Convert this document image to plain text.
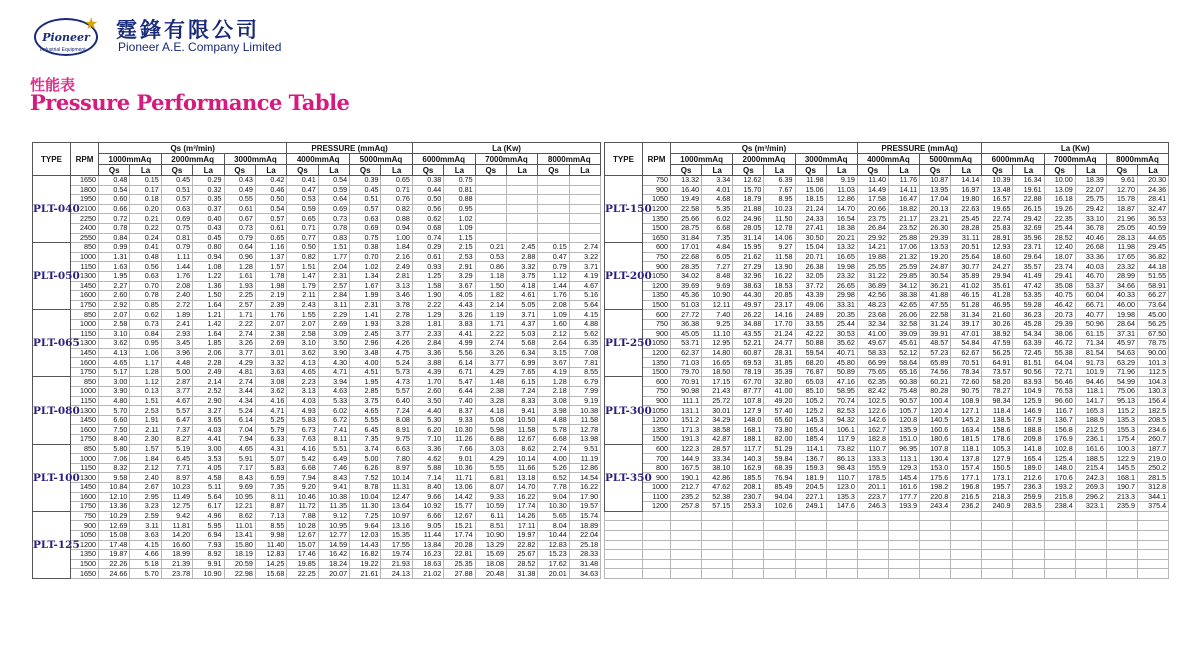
Pioneer
★
Industrial Equipment
霆鋒有限公司
Pioneer A.E. Company Limited
性能表
Pressure Performance Table
TYPE	RPM	Qs (m³/min)						PRESSURE (mmAq)				La (Kw)					
		1000mmAq		2000mmAq		3000mmAq		4000mmAq		5000mmAq		6000mmAq		7000mmAq		8000mmAq	
		Qs	La	Qs	La	Qs	La	Qs	La	Qs	La	Qs	La	Qs	La	Qs	La
PLT-040	1650	0.48	0.15	0.45	0.29	0.43	0.42	0.41	0.54	0.39	0.65	0.38	0.75				
	1800	0.54	0.17	0.51	0.32	0.49	0.46	0.47	0.59	0.45	0.71	0.44	0.81				
	1950	0.60	0.18	0.57	0.35	0.55	0.50	0.53	0.64	0.51	0.76	0.50	0.88				
	2100	0.66	0.20	0.63	0.37	0.61	0.54	0.59	0.69	0.57	0.82	0.56	0.95				
	2250	0.72	0.21	0.69	0.40	0.67	0.57	0.65	0.73	0.63	0.88	0.62	1.02				
	2400	0.78	0.22	0.75	0.43	0.73	0.61	0.71	0.78	0.69	0.94	0.68	1.09				
	2550	0.84	0.24	0.81	0.45	0.79	0.65	0.77	0.83	0.75	1.00	0.74	1.15				
PLT-050	850	0.99	0.41	0.79	0.80	0.64	1.16	0.50	1.51	0.38	1.84	0.29	2.15	0.21	2.45	0.15	2.74
	1000	1.31	0.48	1.11	0.94	0.96	1.37	0.82	1.77	0.70	2.16	0.61	2.53	0.53	2.88	0.47	3.22
	1150	1.63	0.56	1.44	1.08	1.28	1.57	1.51	2.04	1.02	2.49	0.93	2.91	0.86	3.32	0.79	3.71
	1300	1.95	0.63	1.76	1.22	1.61	1.78	1.47	2.31	1.34	2.81	1.25	3.29	1.18	3.75	1.12	4.19
	1450	2.27	0.70	2.08	1.36	1.93	1.98	1.79	2.57	1.67	3.13	1.58	3.67	1.50	4.18	1.44	4.67
	1600	2.60	0.78	2.40	1.50	2.25	2.19	2.11	2.84	1.99	3.46	1.90	4.05	1.82	4.61	1.76	5.16
	1750	2.92	0.85	2.72	1.64	2.57	2.39	2.43	3.11	2.31	3.78	2.22	4.43	2.14	5.05	2.08	5.64
PLT-065	850	2.07	0.62	1.89	1.21	1.71	1.76	1.55	2.29	1.41	2.78	1.29	3.26	1.19	3.71	1.09	4.15
	1000	2.58	0.73	2.41	1.42	2.22	2.07	2.07	2.69	1.93	3.28	1.81	3.83	1.71	4.37	1.60	4.88
	1150	3.10	0.84	2.93	1.64	2.74	2.38	2.58	3.09	2.45	3.77	2.33	4.41	2.22	5.03	2.12	5.62
	1300	3.62	0.95	3.45	1.85	3.26	2.69	3.10	3.50	2.96	4.26	2.84	4.99	2.74	5.68	2.64	6.35
	1450	4.13	1.06	3.96	2.06	3.77	3.01	3.62	3.90	3.48	4.75	3.36	5.56	3.26	6.34	3.15	7.08
	1600	4.65	1.17	4.48	2.28	4.29	3.32	4.13	4.30	4.00	5.24	3.88	6.14	3.77	6.99	3.67	7.81
	1750	5.17	1.28	5.00	2.49	4.81	3.63	4.65	4.71	4.51	5.73	4.39	6.71	4.29	7.65	4.19	8.55
PLT-080	850	3.00	1.12	2.87	2.14	2.74	3.08	2.23	3.94	1.95	4.73	1.70	5.47	1.48	6.15	1.28	6.79
	1000	3.90	0.13	3.77	2.52	3.44	3.62	3.13	4.63	2.85	5.57	2.60	6.44	2.38	7.24	2.18	7.99
	1150	4.80	1.51	4.67	2.90	4.34	4.16	4.03	5.33	3.75	6.40	3.50	7.40	3.28	8.33	3.08	9.19
	1300	5.70	2.53	5.57	3.27	5.24	4.71	4.93	6.02	4.65	7.24	4.40	8.37	4.18	9.41	3.98	10.38
	1450	6.60	1.91	6.47	3.65	6.14	5.25	5.83	6.72	5.55	8.08	5.30	9.33	5.08	10.50	4.88	11.58
	1600	7.50	2.11	7.37	4.03	7.04	5.79	6.73	7.41	6.45	8.91	6.20	10.30	5.98	11.58	5.78	12.78
	1750	8.40	2.30	8.27	4.41	7.94	6.33	7.63	8.11	7.35	9.75	7.10	11.26	6.88	12.67	6.68	13.98
PLT-100	850	5.80	1.57	5.19	3.00	4.65	4.31	4.16	5.51	3.74	6.63	3.36	7.66	3.03	8.62	2.74	9.51
	1000	7.06	1.84	6.45	3.53	5.91	5.07	5.42	6.49	5.00	7.80	4.62	9.01	4.29	10.14	4.00	11.19
	1150	8.32	2.12	7.71	4.05	7.17	5.83	6.68	7.46	6.26	8.97	5.88	10.36	5.55	11.66	5.26	12.86
	1300	9.58	2.40	8.97	4.58	8.43	6.59	7.94	8.43	7.52	10.14	7.14	11.71	6.81	13.18	6.52	14.54
	1450	10.84	2.67	10.23	5.11	9.69	7.35	9.20	9.41	8.78	11.31	8.40	13.06	8.07	14.70	7.78	16.22
	1600	12.10	2.95	11.49	5.64	10.95	8.11	10.46	10.38	10.04	12.47	9.66	14.42	9.33	16.22	9.04	17.90
	1750	13.36	3.23	12.75	6.17	12.21	8.87	11.72	11.35	11.30	13.64	10.92	15.77	10.59	17.74	10.30	19.57
PLT-125	750	10.29	2.59	9.42	4.96	8.62	7.13	7.88	9.12	7.25	10.97	6.66	12.67	6.11	14.26	5.65	15.74
	900	12.69	3.11	11.81	5.95	11.01	8.55	10.28	10.95	9.64	13.16	9.05	15.21	8.51	17.11	8.04	18.89
	1050	15.08	3.63	14.20	6.94	13.41	9.98	12.67	12.77	12.03	15.35	11.44	17.74	10.90	19.97	10.44	22.04
	1200	17.48	4.15	16.60	7.93	15.80	11.40	15.07	14.59	14.43	17.55	13.84	20.28	13.29	22.82	12.83	25.18
	1350	19.87	4.66	18.99	8.92	18.19	12.83	17.46	16.42	16.82	19.74	16.23	22.81	15.69	25.67	15.23	28.33
	1500	22.26	5.18	21.39	9.91	20.59	14.25	19.85	18.24	19.22	21.93	18.63	25.35	18.08	28.52	17.62	31.48
	1650	24.66	5.70	23.78	10.90	22.98	15.68	22.25	20.07	21.61	24.13	21.02	27.88	20.48	31.38	20.01	34.63
TYPE	RPM	Qs (m³/min)						PRESSURE (mmAq)				La (Kw)					
		1000mmAq		2000mmAq		3000mmAq		4000mmAq		5000mmAq		6000mmAq		7000mmAq		8000mmAq	
		Qs	La	Qs	La	Qs	La	Qs	La	Qs	La	Qs	La	Qs	La	Qs	La
PLT-150	750	13.32	3.34	12.62	6.39	11.98	9.19	11.40	11.76	10.87	14.14	10.39	16.34	10.00	18.39	9.61	20.30
	900	16.40	4.01	15.70	7.67	15.06	11.03	14.49	14.11	13.95	16.97	13.48	19.61	13.09	22.07	12.70	24.36
	1050	19.49	4.68	18.79	8.95	18.15	12.86	17.58	16.47	17.04	19.80	16.57	22.88	16.18	25.75	15.78	28.41
	1200	22.58	5.35	21.88	10.23	21.24	14.70	20.66	18.82	20.13	22.63	19.65	26.15	19.26	29.42	18.87	32.47
	1350	25.66	6.02	24.96	11.50	24.33	16.54	23.75	21.17	23.21	25.45	22.74	29.42	22.35	33.10	21.96	36.53
	1500	28.75	6.68	28.05	12.78	27.41	18.38	26.84	23.52	26.30	28.28	25.83	32.69	25.44	36.78	25.05	40.59
	1650	31.84	7.35	31.14	14.06	30.50	20.21	29.92	25.88	29.39	31.11	28.91	35.96	28.52	40.46	28.13	44.65
PLT-200	600	17.01	4.84	15.95	9.27	15.04	13.32	14.21	17.06	13.53	20.51	12.93	23.71	12.40	26.68	11.98	29.45
	750	22.68	6.05	21.62	11.58	20.71	16.65	19.88	21.32	19.20	25.64	18.60	29.64	18.07	33.36	17.65	36.82
	900	28.35	7.27	27.29	13.90	26.38	19.98	25.55	25.59	24.87	30.77	24.27	35.57	23.74	40.03	23.32	44.18
	1050	34.02	8.48	32.96	16.22	32.05	23.32	31.22	29.85	30.54	35.89	29.94	41.49	29.41	46.70	28.99	51.55
	1200	39.69	9.69	38.63	18.53	37.72	26.65	36.89	34.12	36.21	41.02	35.61	47.42	35.08	53.37	34.66	58.91
	1350	45.36	10.90	44.30	20.85	43.39	29.98	42.56	38.38	41.88	46.15	41.28	53.35	40.75	60.04	40.33	66.27
	1500	51.03	12.11	49.97	23.17	49.06	33.31	48.23	42.65	47.55	51.28	46.95	59.28	46.42	66.71	46.00	73.64
PLT-250	600	27.72	7.40	26.22	14.16	24.89	20.35	23.68	26.06	22.58	31.34	21.60	36.23	20.73	40.77	19.98	45.00
	750	36.38	9.25	34.88	17.70	33.55	25.44	32.34	32.58	31.24	39.17	30.26	45.28	29.39	50.96	28.64	56.25
	900	45.05	11.10	43.55	21.24	42.22	30.53	41.00	39.09	39.91	47.01	38.92	54.34	38.06	61.15	37.31	67.50
	1050	53.71	12.95	52.21	24.77	50.88	35.62	49.67	45.61	48.57	54.84	47.59	63.39	46.72	71.34	45.97	78.75
	1200	62.37	14.80	60.87	28.31	59.54	40.71	58.33	52.12	57.23	62.67	56.25	72.45	55.38	81.54	54.63	90.00
	1350	71.03	16.65	69.53	31.85	68.20	45.80	66.99	58.64	65.89	70.51	64.91	81.51	64.04	91.73	63.29	101.3
	1500	79.70	18.50	78.19	35.39	76.87	50.89	75.65	65.16	74.56	78.34	73.57	90.56	72.71	101.9	71.96	112.5
PLT-300	600	70.91	17.15	67.70	32.80	65.03	47.16	62.35	60.38	60.21	72.60	58.20	83.93	56.46	94.46	54.99	104.3
	750	90.98	21.43	87.77	41.00	85.10	58.95	82.42	75.48	80.28	90.75	78.27	104.9	76.53	118.1	75.06	130.3
	900	111.1	25.72	107.8	49.20	105.2	70.74	102.5	90.57	100.4	108.9	98.34	125.9	96.60	141.7	95.13	156.4
	1050	131.1	30.01	127.9	57.40	125.2	82.53	122.6	105.7	120.4	127.1	118.4	146.9	116.7	165.3	115.2	182.5
	1200	151.2	34.29	148.0	65.60	145.3	94.32	142.6	120.8	140.5	145.2	138.5	167.9	136.7	188.9	135.3	208.5
	1350	171.3	38.58	168.1	73.80	165.4	106.1	162.7	135.9	160.6	163.4	158.6	188.8	156.8	212.5	155.3	234.6
	1500	191.3	42.87	188.1	82.00	185.4	117.9	182.8	151.0	180.6	181.5	178.6	209.8	176.9	236.1	175.4	260.7
PLT-350	600	122.3	28.57	117.7	51.29	114.1	73.82	110.7	96.95	107.8	118.1	105.3	141.8	102.8	161.6	100.3	187.7
	700	144.9	33.34	140.3	59.84	136.7	86.13	133.3	113.1	130.4	137.8	127.9	165.4	125.4	188.5	122.9	219.0
	800	167.5	38.10	162.9	68.39	159.3	98.43	155.9	129.3	153.0	157.4	150.5	189.0	148.0	215.4	145.5	250.2
	900	190.1	42.86	185.5	76.94	181.9	110.7	178.5	145.4	175.6	177.1	173.1	212.6	170.6	242.3	168.1	281.5
	1000	212.7	47.62	208.1	85.49	204.5	123.0	201.1	161.6	198.2	196.8	195.7	236.3	193.2	269.3	190.7	312.8
	1100	235.2	52.38	230.7	94.04	227.1	135.3	223.7	177.7	220.8	216.5	218.3	259.9	215.8	296.2	213.3	344.1
	1200	257.8	57.15	253.3	102.6	249.1	147.6	246.3	193.9	243.4	236.2	240.9	283.5	238.4	323.1	235.9	375.4
